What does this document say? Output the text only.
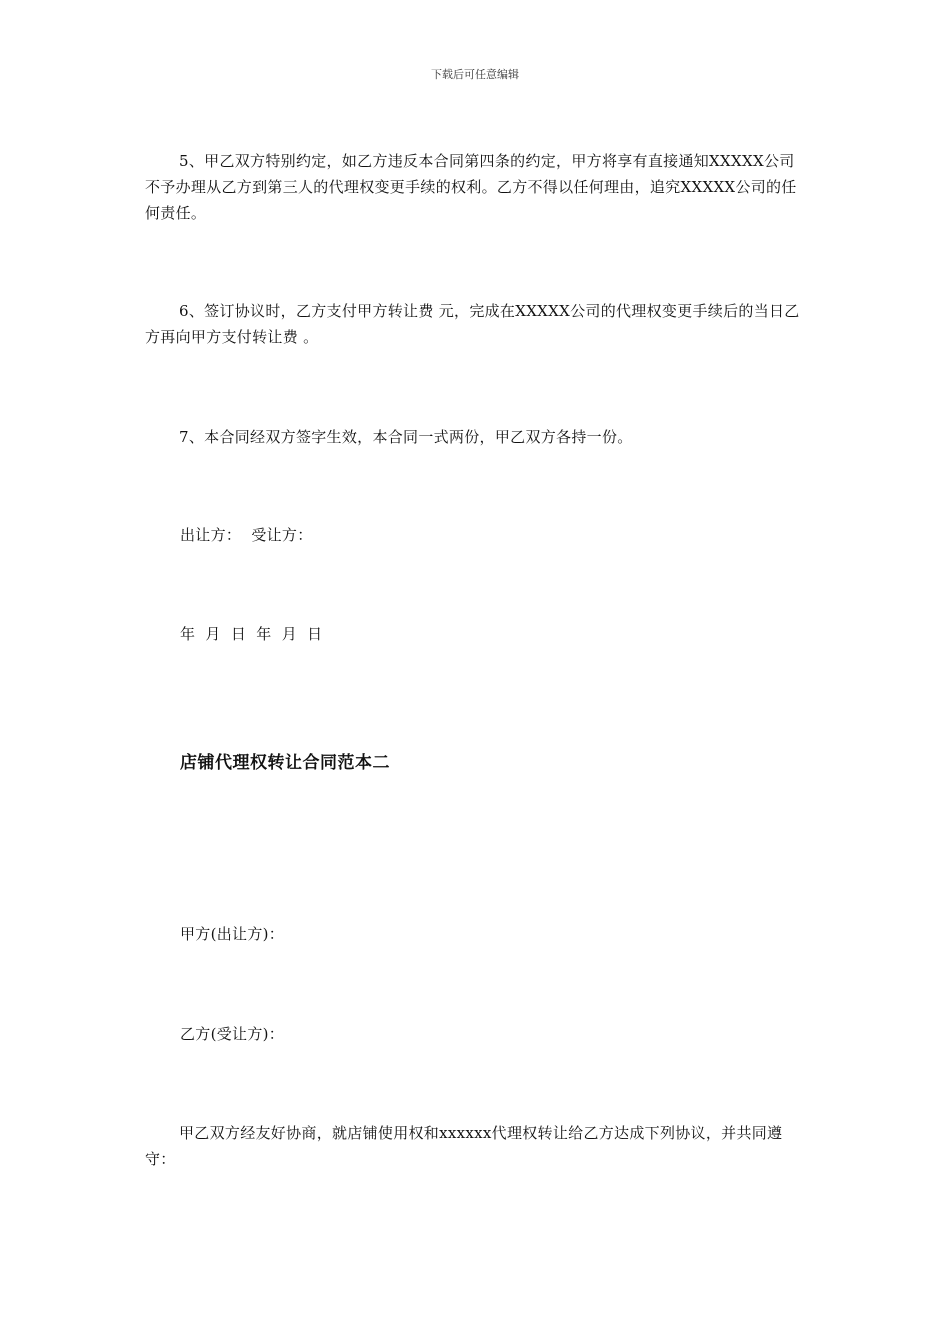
下载后可任意编辑
5、甲乙双方特别约定，如乙方违反本合同第四条的约定，甲方将享有直接通知XXXXX公司不予办理从乙方到第三人的代理权变更手续的权利。乙方不得以任何理由，追究XXXXX公司的任何责任。
6、签订协议时，乙方支付甲方转让费 元，完成在XXXXX公司的代理权变更手续后的当日乙方再向甲方支付转让费 。
7、本合同经双方签字生效，本合同一式两份，甲乙双方各持一份。
出让方：  受让方：
年  月  日  年  月  日
店铺代理权转让合同范本二
甲方(出让方)：
乙方(受让方)：
甲乙双方经友好协商，就店铺使用权和xxxxxx代理权转让给乙方达成下列协议，并共同遵守：
